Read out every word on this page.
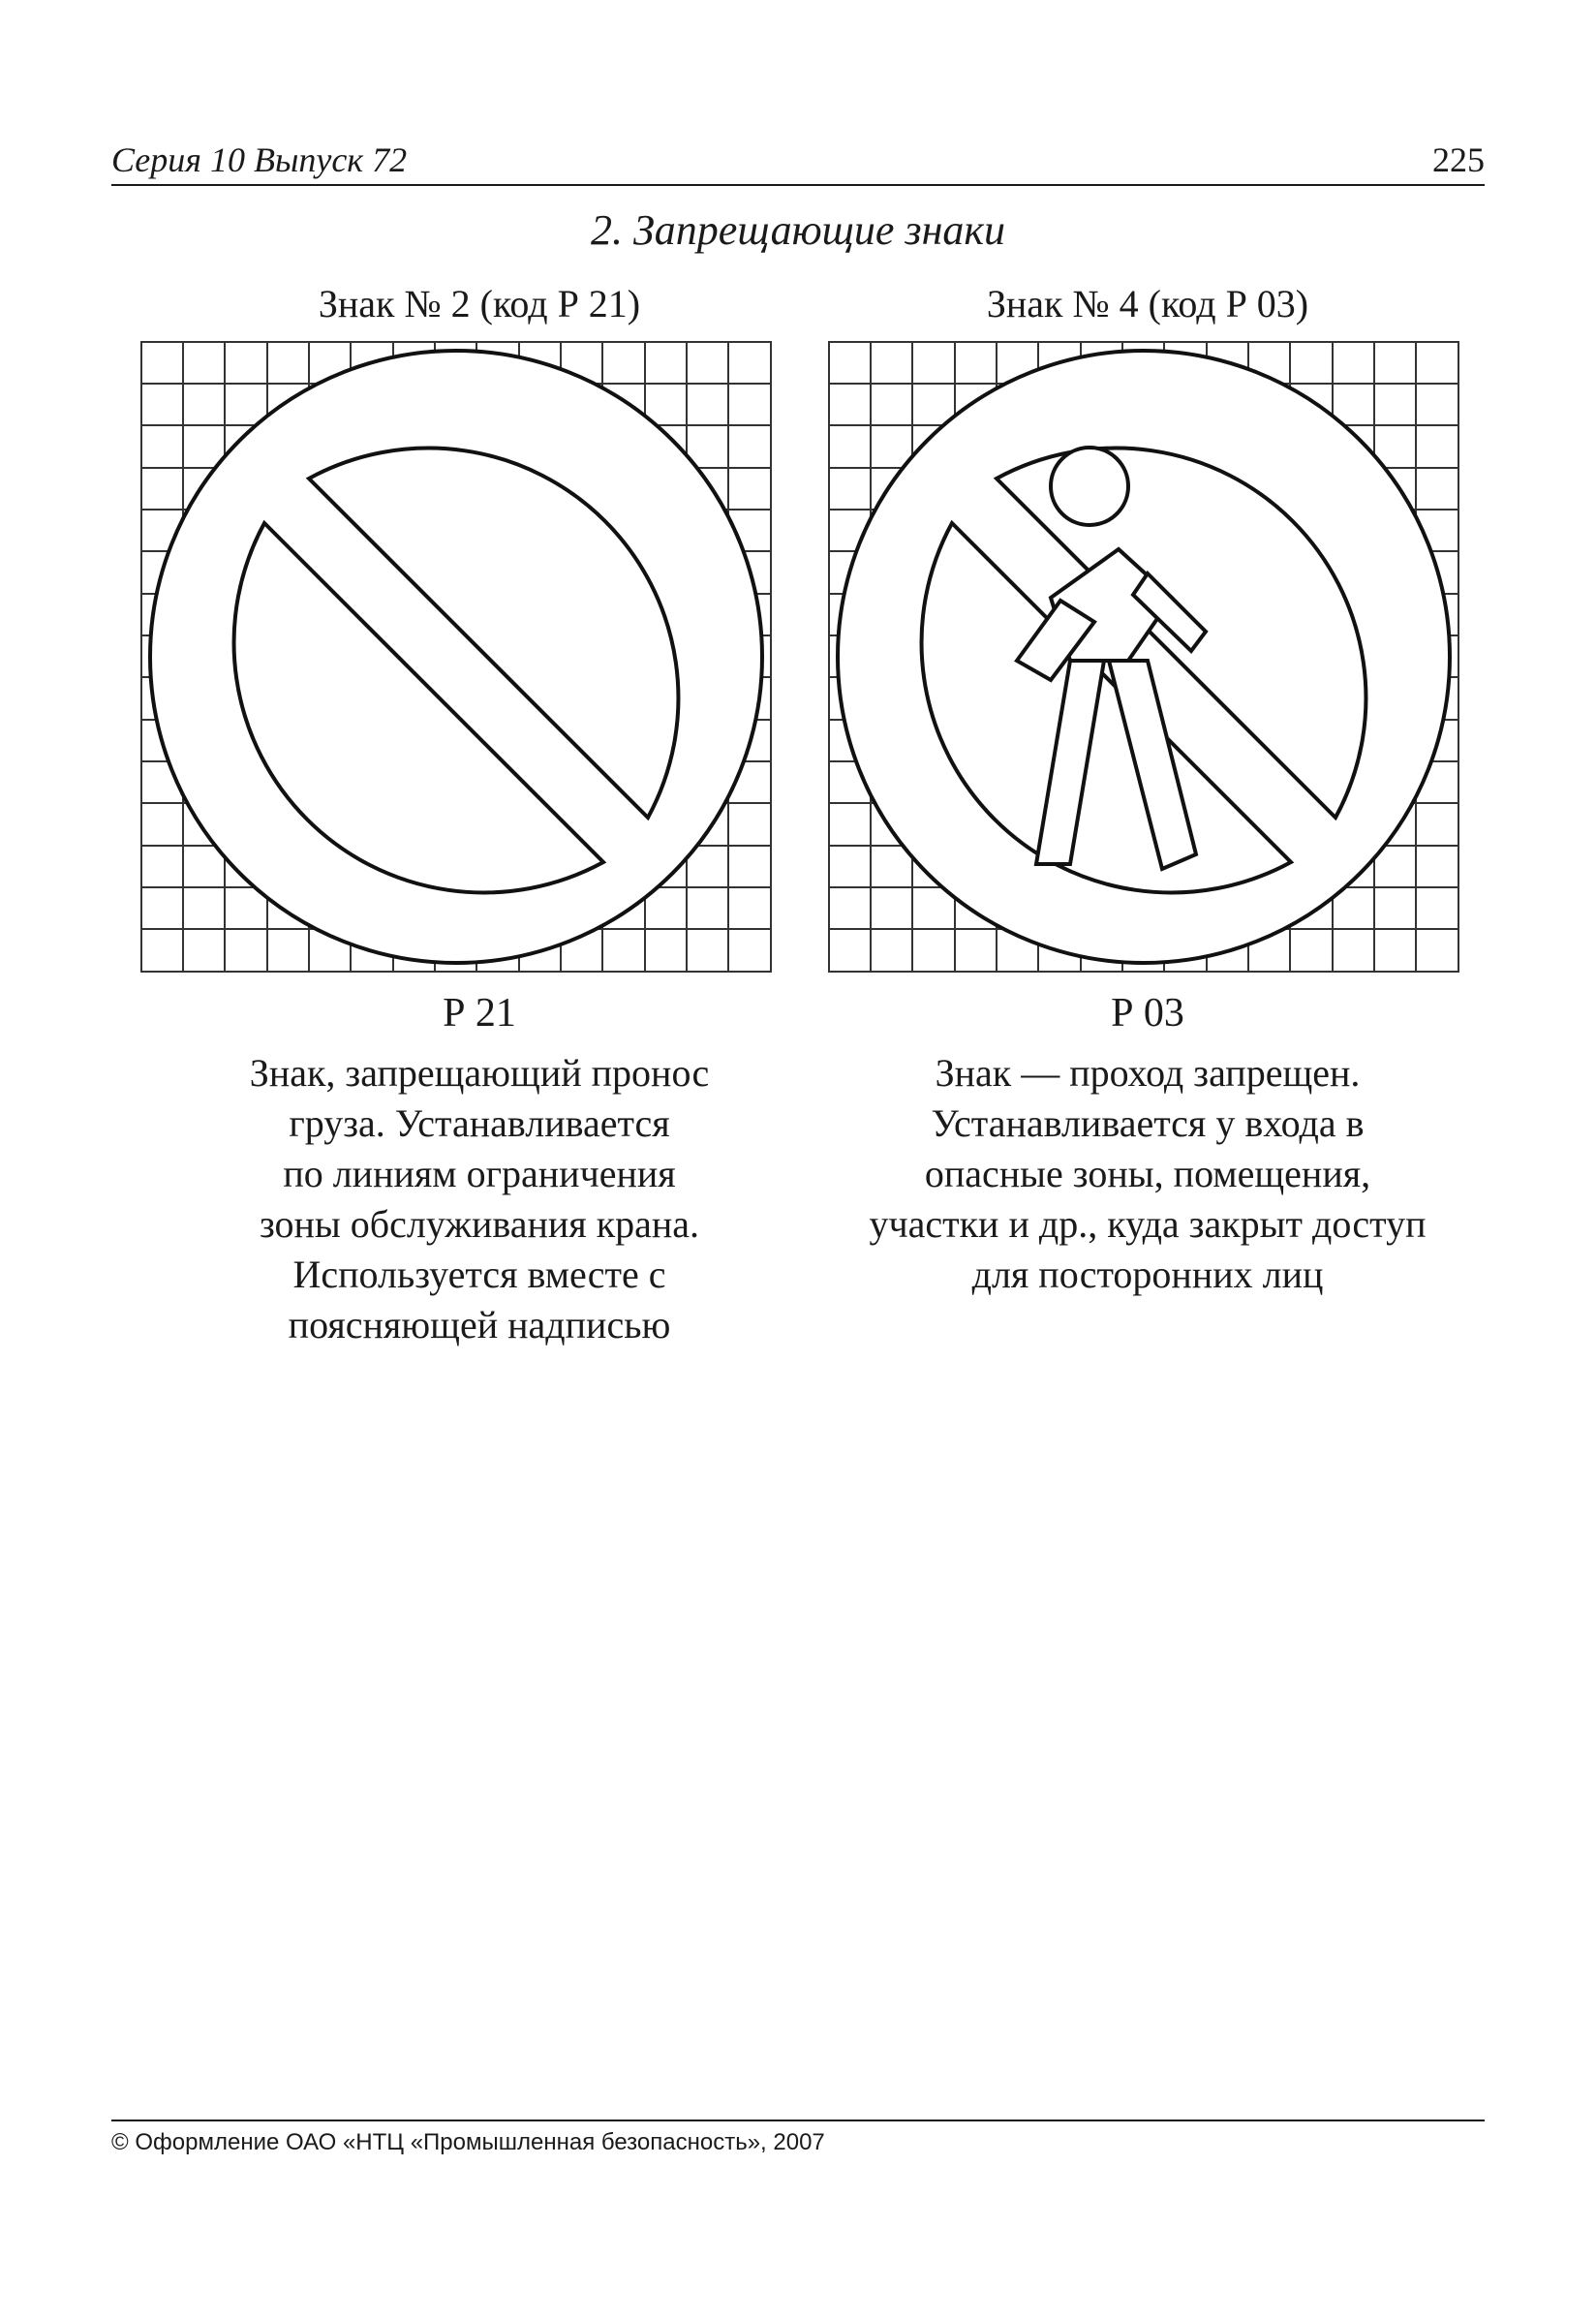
Серия 10 Выпуск 72	225
2. Запрещающие знаки
Знак № 2 (код Р 21)	Знак № 4 (код Р 03)
Р 21	Р 03
Знак, запрещающий пронос
груза. Устанавливается
по линиям ограничения
зоны обслуживания крана.
Используется вместе с
поясняющей надписью
Знак — проход запрещен.
Устанавливается у входа в
опасные зоны, помещения,
участки и др., куда закрыт доступ
для посторонних лиц
© Оформление ОАО «НТЦ «Промышленная безопасность», 2007
